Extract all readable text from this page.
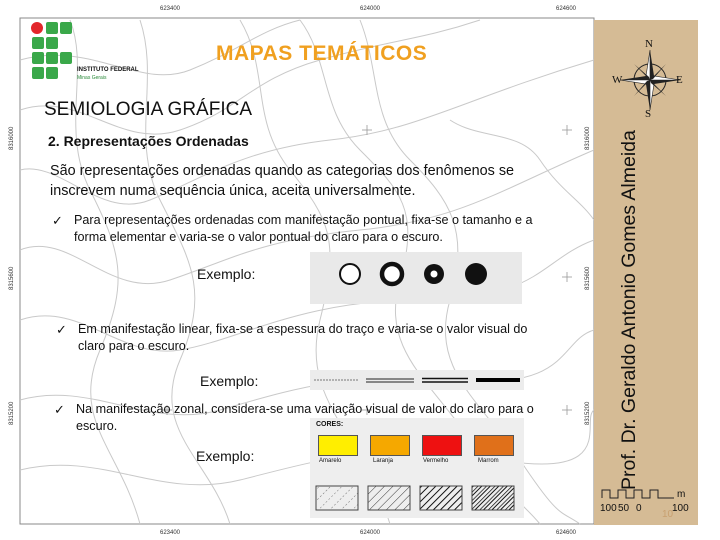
623400	624000	624600
623400	624000	624600
8316000
8315600
8315200
8316000
8315600
8315200
INSTITUTO FEDERAL
Minas Gerais
MAPAS TEMÁTICOS
SEMIOLOGIA GRÁFICA
2. Representações Ordenadas
São representações ordenadas quando as categorias dos fenômenos se inscrevem numa sequência única, aceita universalmente.
✓ Para representações ordenadas com manifestação pontual, fixa-se o tamanho e a forma elementar e varia-se o valor pontual do claro para o escuro.
Exemplo:
✓ Em manifestação linear, fixa-se a espessura do traço e varia-se o valor visual do claro para o escuro.
Exemplo:
✓ Na manifestação zonal, considera-se uma variação visual de valor do claro para o escuro.
Exemplo:
CORES:
Amarelo	Laranja	Vermelho	Marrom
N
S
E
W
Prof. Dr. Geraldo Antonio Gomes Almeida
100 50 0	100
m
10
